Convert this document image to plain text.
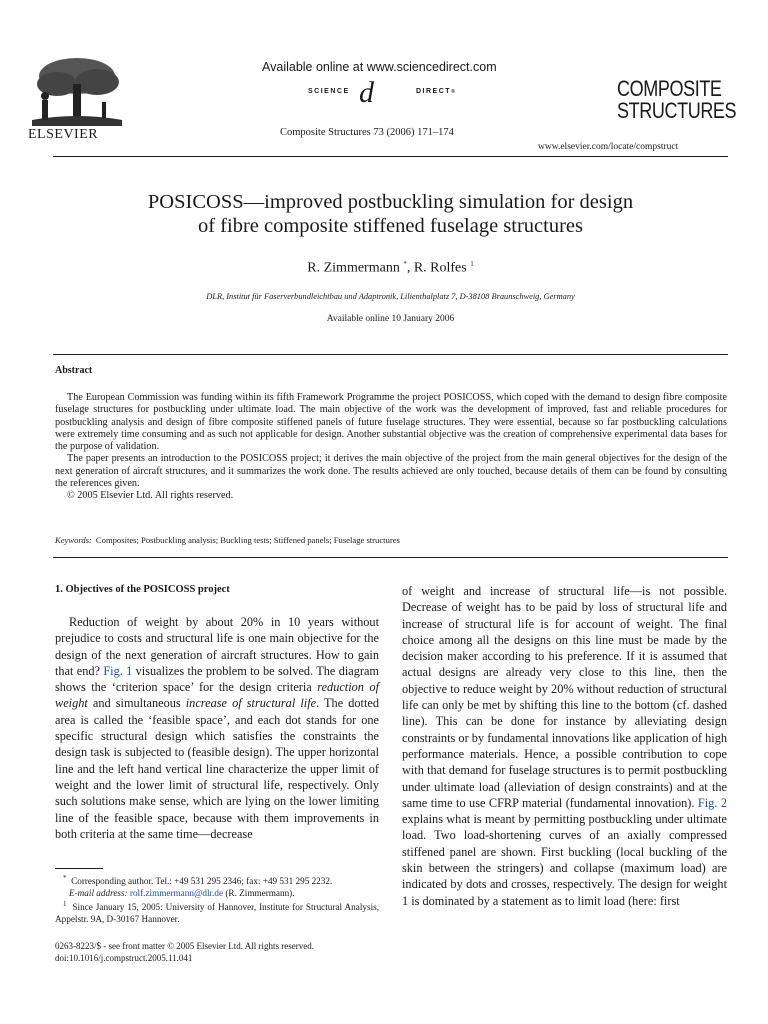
ELSEVIER
Available online at www.sciencedirect.com
SCIENCE d	DIRECT®
Composite Structures 73 (2006) 171–174
COMPOSITE
STRUCTURES
www.elsevier.com/locate/compstruct
POSICOSS—improved postbuckling simulation for design
of fibre composite stiffened fuselage structures
R. Zimmermann *, R. Rolfes $^1$
DLR, Institut für Faserverbundleichtbau und Adaptronik, Lilienthalplatz 7, D-38108 Braunschweig, Germany
Available online 10 January 2006
Abstract

The European Commission was funding within its fifth Framework Programme the project POSICOSS, which coped with the demand to design fibre composite fuselage structures for postbuckling under ultimate load. The main objective of the work was the development of improved, fast and reliable procedures for postbuckling analysis and design of fibre composite stiffened panels of future fuselage structures. They were essential, because so far postbuckling calculations were extremely time consuming and as such not applicable for design. Another substantial objective was the creation of comprehensive experimental data bases for the purpose of validation.

The paper presents an introduction to the POSICOSS project; it derives the main objective of the project from the main general objectives for the design of the next generation of aircraft structures, and it summarizes the work done. The results achieved are only touched, because details of them can be found by consulting the references given.

© 2005 Elsevier Ltd. All rights reserved.

Keywords: Composites; Postbuckling analysis; Buckling tests; Stiffened panels; Fuselage structures
1. Objectives of the POSICOSS project

Reduction of weight by about 20% in 10 years without prejudice to costs and structural life is one main objective for the design of the next generation of aircraft structures. How to gain that end? Fig. 1 visualizes the problem to be solved. The diagram shows the ‘criterion space’ for the design criteria reduction of weight and simultaneous increase of structural life. The dotted area is called the ‘feasible space’, and each dot stands for one specific structural design which satisfies the constraints the design task is subjected to (feasible design). The upper horizontal line and the left hand vertical line characterize the upper limit of weight and the lower limit of structural life, respectively. Only such solutions make sense, which are lying on the lower limiting line of the feasible space, because with them improvements in both criteria at the same time—decrease

of weight and increase of structural life—is not possible. Decrease of weight has to be paid by loss of structural life and increase of structural life is for account of weight. The final choice among all the designs on this line must be made by the decision maker according to his preference. If it is assumed that actual designs are already very close to this line, then the objective to reduce weight by 20% without reduction of structural life can only be met by shifting this line to the bottom (cf. dashed line). This can be done for instance by alleviating design constraints or by fundamental innovations like application of high performance materials. Hence, a possible contribution to cope with that demand for fuselage structures is to permit postbuckling under ultimate load (alleviation of design constraints) and at the same time to use CFRP material (fundamental innovation). Fig. 2 explains what is meant by permitting postbuckling under ultimate load. Two load-shortening curves of an axially compressed stiffened panel are shown. First buckling (local buckling of the skin between the stringers) and collapse (maximum load) are indicated by dots and crosses, respectively. The design for weight 1 is dominated by a statement as to limit load (here: first

* Corresponding author. Tel.: +49 531 295 2346; fax: +49 531 295 2232.

E-mail address: rolf.zimmermann@dlr.de (R. Zimmermann).

$^1$ Since January 15, 2005: University of Hannover, Institute for Structural Analysis, Appelstr. 9A, D-30167 Hannover.

0263-8223/$ - see front matter © 2005 Elsevier Ltd. All rights reserved.
doi:10.1016/j.compstruct.2005.11.041
